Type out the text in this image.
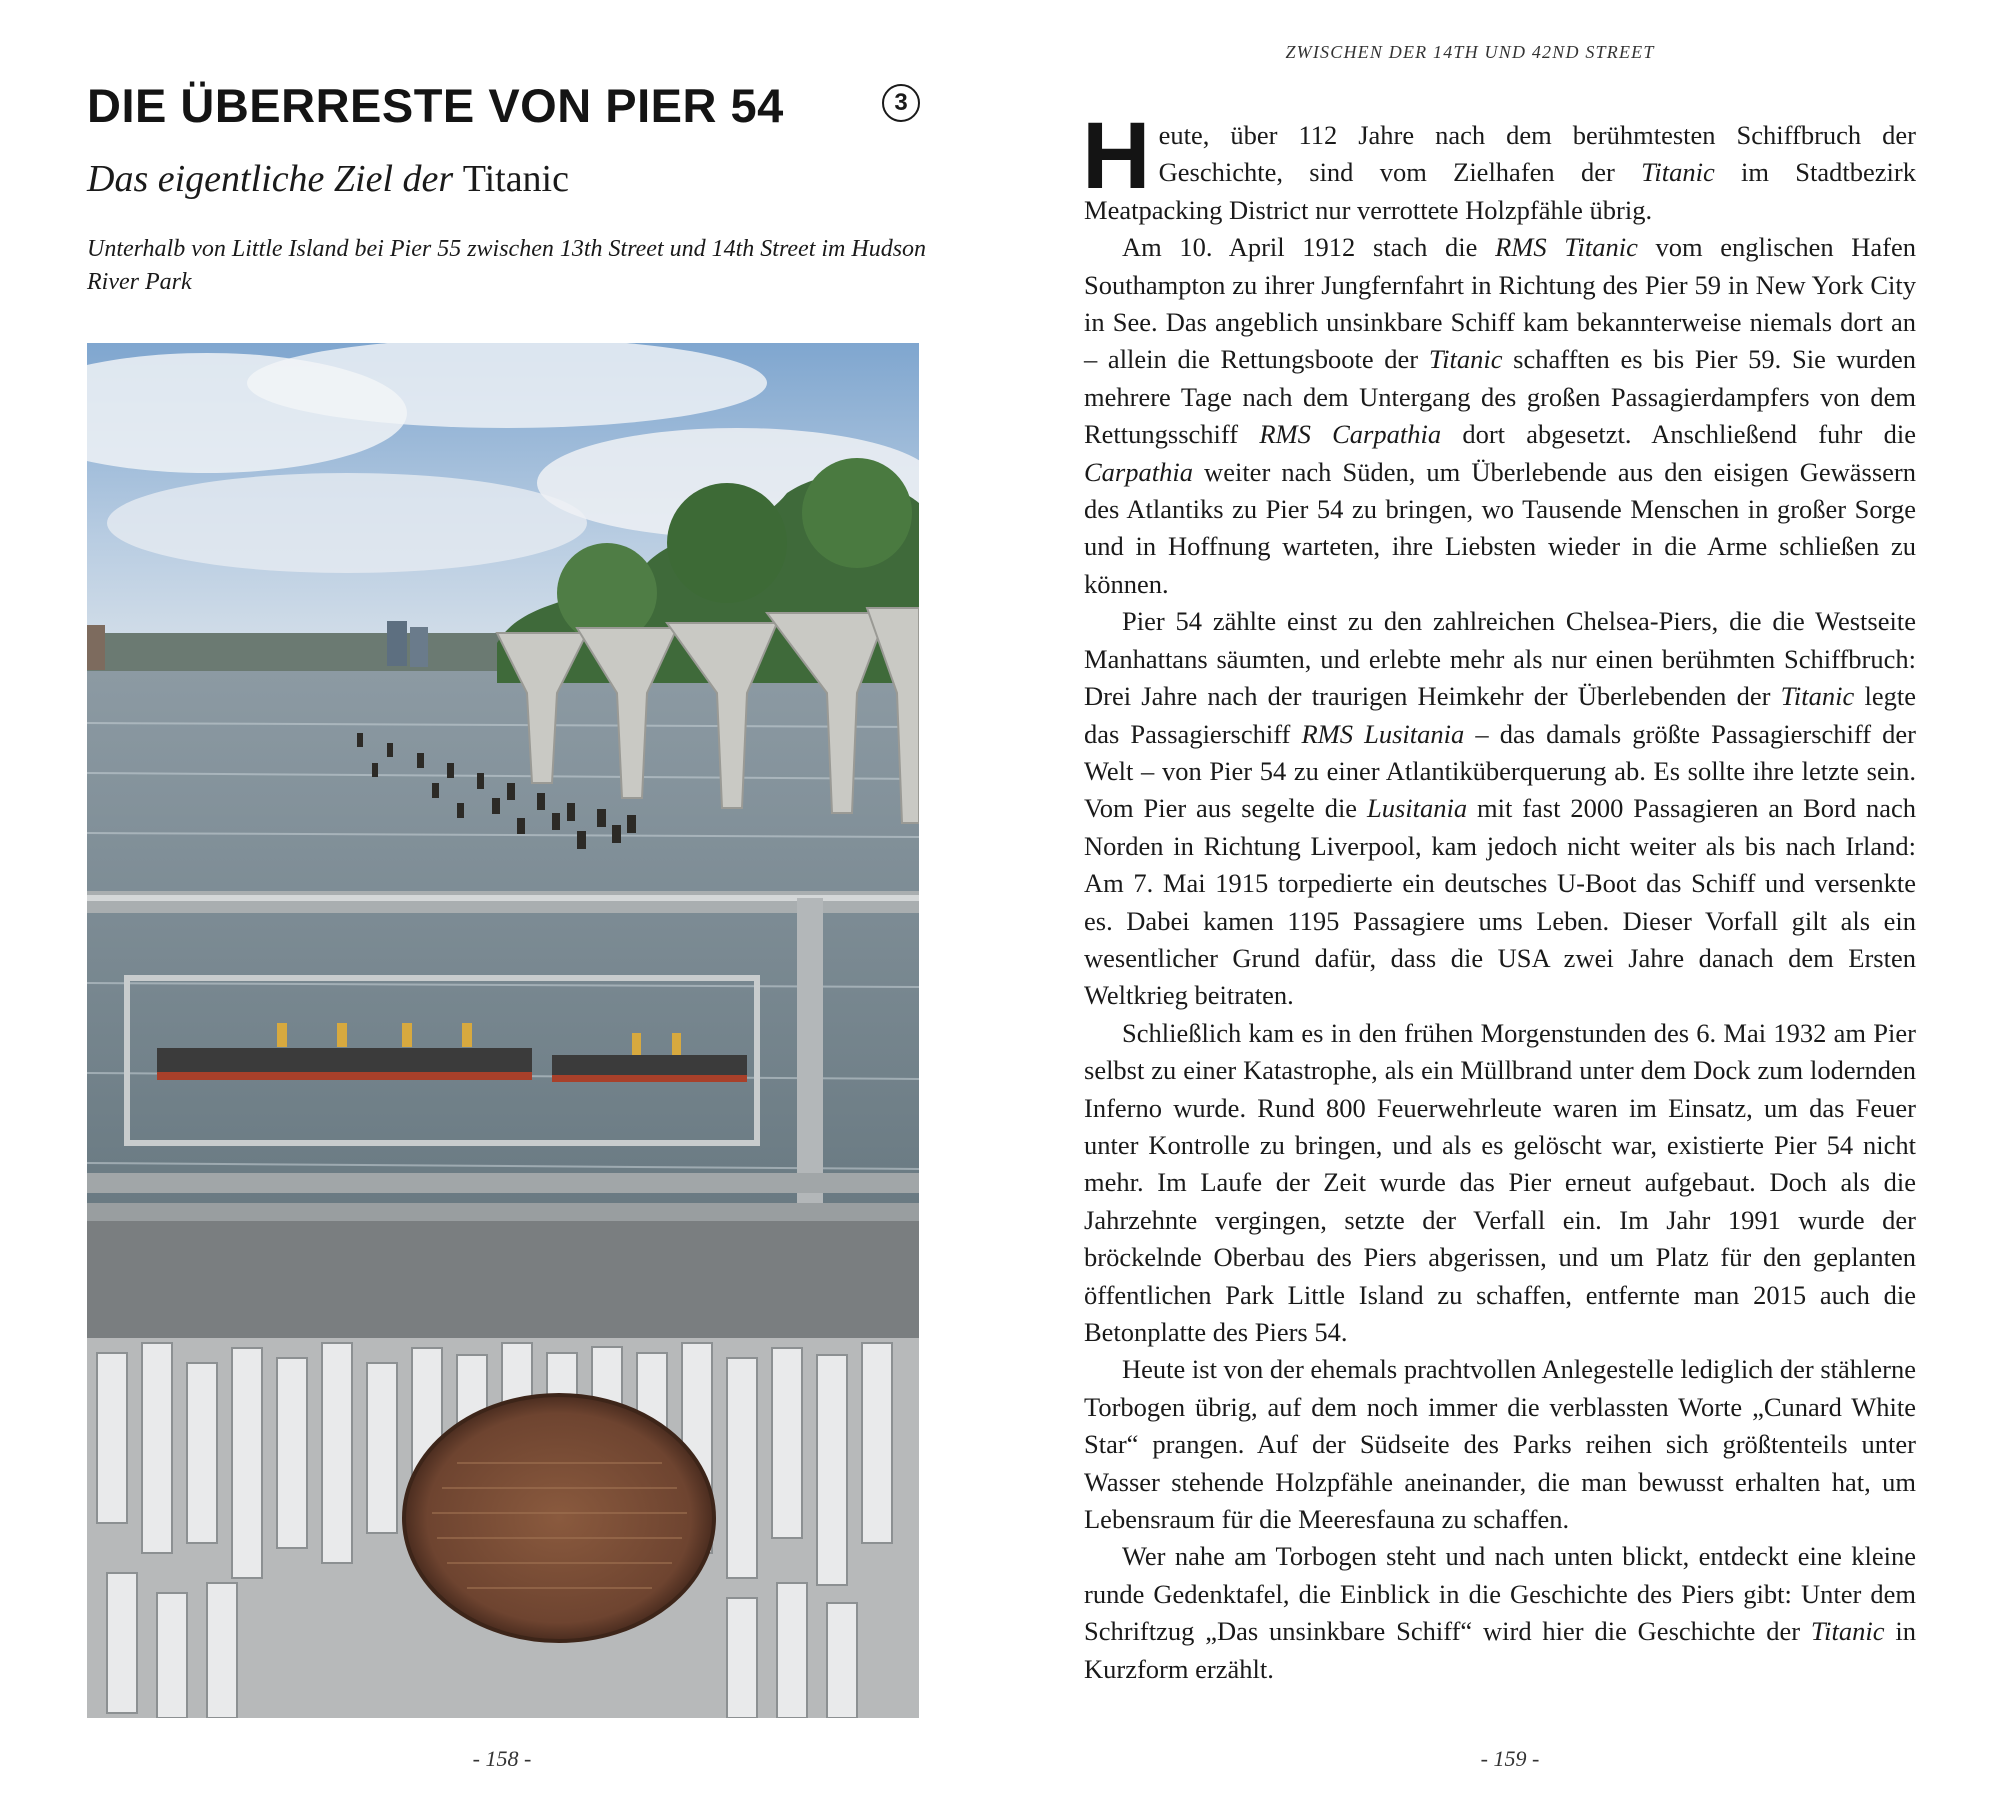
DIE ÜBERRESTE VON PIER 54	3
Das eigentliche Ziel der Titanic
Unterhalb von Little Island bei Pier 55 zwischen 13th Street und 14th Street im Hudson River Park
- 158 -
ZWISCHEN DER 14TH UND 42ND STREET

Heute, über 112 Jahre nach dem berühmtesten Schiffbruch der Geschichte, sind vom Zielhafen der Titanic im Stadtbezirk Meatpacking District nur verrottete Holzpfähle übrig.

Am 10. April 1912 stach die RMS Titanic vom englischen Hafen Southampton zu ihrer Jungfernfahrt in Richtung des Pier 59 in New York City in See. Das angeblich unsinkbare Schiff kam bekannterweise niemals dort an – allein die Rettungsboote der Titanic schafften es bis Pier 59. Sie wurden mehrere Tage nach dem Untergang des großen Passagierdampfers von dem Rettungsschiff RMS Carpathia dort abgesetzt. Anschließend fuhr die Carpathia weiter nach Süden, um Überlebende aus den eisigen Gewässern des Atlantiks zu Pier 54 zu bringen, wo Tausende Menschen in großer Sorge und in Hoffnung warteten, ihre Liebsten wieder in die Arme schließen zu können.

Pier 54 zählte einst zu den zahlreichen Chelsea-Piers, die die Westseite Manhattans säumten, und erlebte mehr als nur einen berühmten Schiffbruch: Drei Jahre nach der traurigen Heimkehr der Überlebenden der Titanic legte das Passagierschiff RMS Lusitania – das damals größte Passagierschiff der Welt – von Pier 54 zu einer Atlantiküberquerung ab. Es sollte ihre letzte sein. Vom Pier aus segelte die Lusitania mit fast 2000 Passagieren an Bord nach Norden in Richtung Liverpool, kam jedoch nicht weiter als bis nach Irland: Am 7. Mai 1915 torpedierte ein deutsches U-Boot das Schiff und versenkte es. Dabei kamen 1195 Passagiere ums Leben. Dieser Vorfall gilt als ein wesentlicher Grund dafür, dass die USA zwei Jahre danach dem Ersten Weltkrieg beitraten.

Schließlich kam es in den frühen Morgenstunden des 6. Mai 1932 am Pier selbst zu einer Katastrophe, als ein Müllbrand unter dem Dock zum lodernden Inferno wurde. Rund 800 Feuerwehrleute waren im Einsatz, um das Feuer unter Kontrolle zu bringen, und als es gelöscht war, existierte Pier 54 nicht mehr. Im Laufe der Zeit wurde das Pier erneut aufgebaut. Doch als die Jahrzehnte vergingen, setzte der Verfall ein. Im Jahr 1991 wurde der bröckelnde Oberbau des Piers abgerissen, und um Platz für den geplanten öffentlichen Park Little Island zu schaffen, entfernte man 2015 auch die Betonplatte des Piers 54.

Heute ist von der ehemals prachtvollen Anlegestelle lediglich der stählerne Torbogen übrig, auf dem noch immer die verblassten Worte „Cunard White Star“ prangen. Auf der Südseite des Parks reihen sich größtenteils unter Wasser stehende Holzpfähle aneinander, die man bewusst erhalten hat, um Lebensraum für die Meeresfauna zu schaffen.

Wer nahe am Torbogen steht und nach unten blickt, entdeckt eine kleine runde Gedenktafel, die Einblick in die Geschichte des Piers gibt: Unter dem Schriftzug „Das unsinkbare Schiff“ wird hier die Geschichte der Titanic in Kurzform erzählt.

- 159 -
